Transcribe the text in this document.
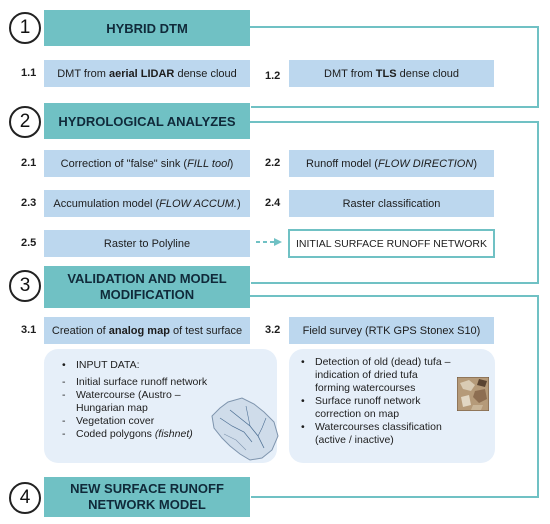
1	HYBRID DTM
1.1 DMT from aerial LIDAR dense cloud	1.2	DMT from TLS dense cloud
2 HYDROLOGICAL ANALYZES
2.1 Correction of "false" sink (FILL tool)	2.2 Runoff model (FLOW DIRECTION)
2.3 Accumulation model (FLOW ACCUM.) 2.4	Raster classification
2.5	Raster to Polyline	INITIAL SURFACE RUNOFF NETWORK
3	VALIDATION AND MODEL
MODIFICATION
3.1 Creation of analog map of test surface 3.2 Field survey (RTK GPS Stonex S10)
• INPUT DATA:
- Initial surface runoff network
- Watercourse (Austro –
Hungarian map
- Vegetation cover
- Coded polygons (fishnet)
• Detection of old (dead) tufa –
indication of dried tufa
forming watercourses
• Surface runoff network
correction on map
• Watercourses classification
(active / inactive)
4	NEW SURFACE RUNOFF
NETWORK MODEL
